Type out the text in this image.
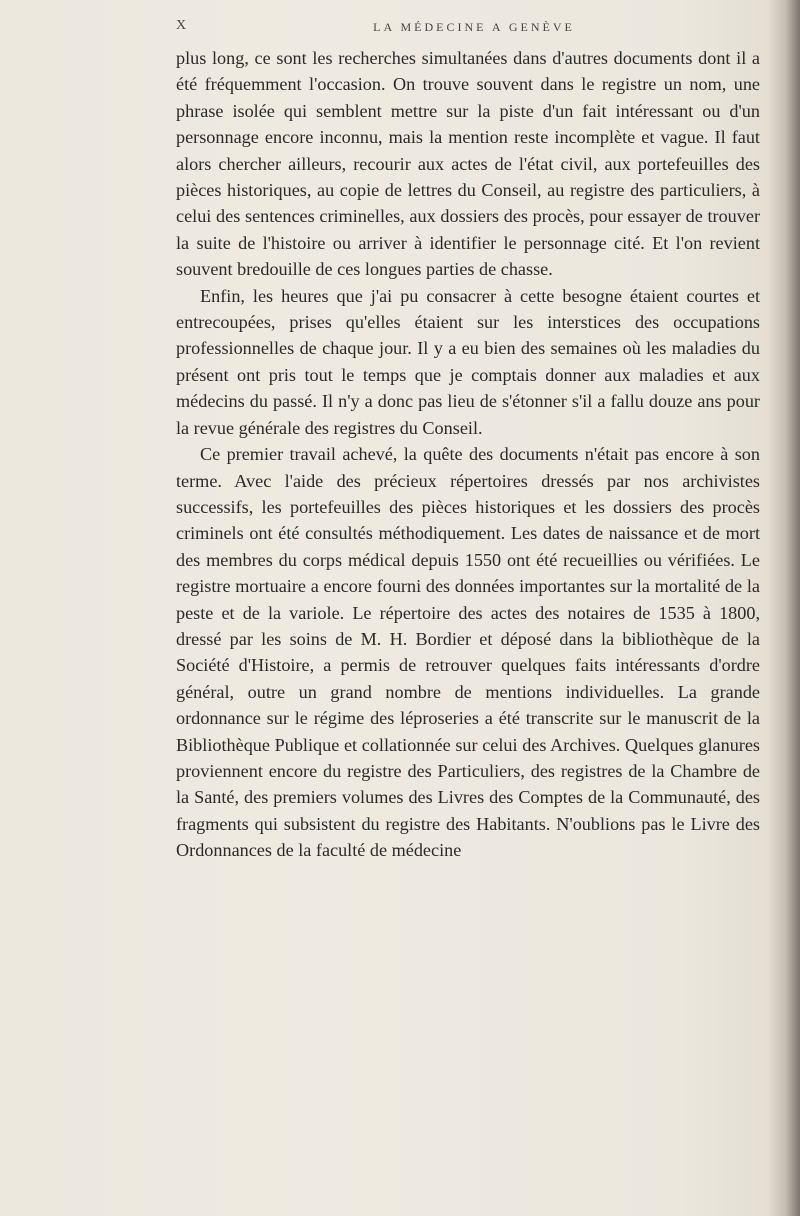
X	LA MÉDECINE A GENÈVE

plus long, ce sont les recherches simultanées dans d'autres documents dont il a été fréquemment l'occasion. On trouve souvent dans le registre un nom, une phrase isolée qui semblent mettre sur la piste d'un fait intéressant ou d'un personnage encore inconnu, mais la mention reste incomplète et vague. Il faut alors chercher ailleurs, recourir aux actes de l'état civil, aux portefeuilles des pièces historiques, au copie de lettres du Conseil, au registre des particuliers, à celui des sentences criminelles, aux dossiers des procès, pour essayer de trouver la suite de l'histoire ou arriver à identifier le personnage cité. Et l'on revient souvent bredouille de ces longues parties de chasse.

Enfin, les heures que j'ai pu consacrer à cette besogne étaient courtes et entrecoupées, prises qu'elles étaient sur les interstices des occupations professionnelles de chaque jour. Il y a eu bien des semaines où les maladies du présent ont pris tout le temps que je comptais donner aux maladies et aux médecins du passé. Il n'y a donc pas lieu de s'étonner s'il a fallu douze ans pour la revue générale des registres du Conseil.

Ce premier travail achevé, la quête des documents n'était pas encore à son terme. Avec l'aide des précieux répertoires dressés par nos archivistes successifs, les portefeuilles des pièces historiques et les dossiers des procès criminels ont été consultés méthodiquement. Les dates de naissance et de mort des membres du corps médical depuis 1550 ont été recueillies ou vérifiées. Le registre mortuaire a encore fourni des données importantes sur la mortalité de la peste et de la variole. Le répertoire des actes des notaires de 1535 à 1800, dressé par les soins de M. H. Bordier et déposé dans la bibliothèque de la Société d'Histoire, a permis de retrouver quelques faits intéressants d'ordre général, outre un grand nombre de mentions individuelles. La grande ordonnance sur le régime des léproseries a été transcrite sur le manuscrit de la Bibliothèque Publique et collationnée sur celui des Archives. Quelques glanures proviennent encore du registre des Particuliers, des registres de la Chambre de la Santé, des premiers volumes des Livres des Comptes de la Communauté, des fragments qui subsistent du registre des Habitants. N'oublions pas le Livre des Ordonnances de la faculté de médecine
